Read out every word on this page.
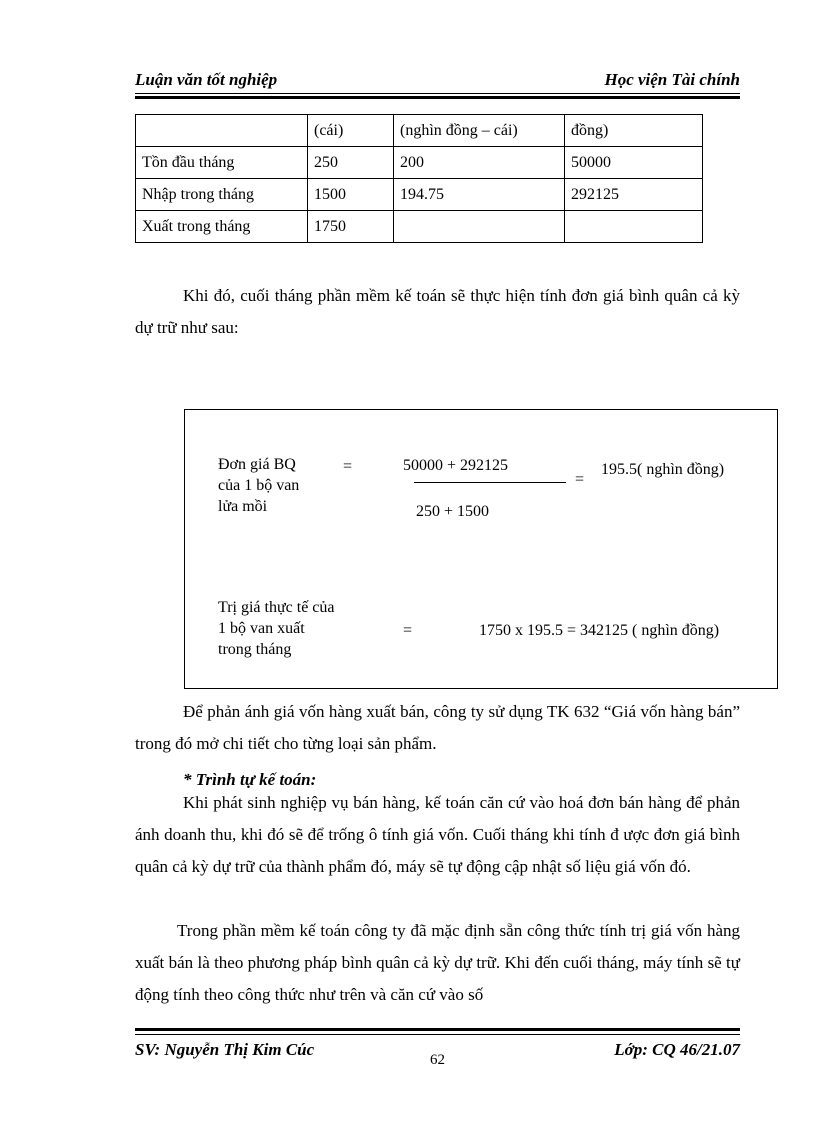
Luận văn tốt nghiệp	Học viện Tài chính
	(cái)	(nghìn đồng – cái)	đồng)
Tồn đầu tháng	250	200	50000
Nhập trong tháng	1500	194.75	292125
Xuất trong tháng	1750		
Khi đó, cuối tháng phần mềm kế toán sẽ thực hiện tính đơn giá bình quân cả kỳ dự trữ như sau:
Đơn giá BQ
của 1 bộ van
lửa mồi
=	50000 + 292125
250 + 1500
=
195.5( nghìn đồng)
Trị giá thực tế của
1 bộ van xuất
trong tháng
=	1750 x 195.5 = 342125 ( nghìn đồng)
Để phản ánh giá vốn hàng xuất bán, công ty sử dụng TK 632 “Giá vốn hàng bán” trong đó mở chi tiết cho từng loại sản phẩm.
* Trình tự kế toán:
Khi phát sinh nghiệp vụ bán hàng, kế toán căn cứ vào hoá đơn bán hàng để phản ánh doanh thu, khi đó sẽ để trống ô tính giá vốn. Cuối tháng khi tính đ ược đơn giá bình quân cả kỳ dự trữ của thành phẩm đó, máy sẽ tự động cập nhật số liệu giá vốn đó.
Trong phần mềm kế toán công ty đã mặc định sẵn công thức tính trị giá vốn hàng xuất bán là theo phương pháp bình quân cả kỳ dự trữ. Khi đến cuối tháng, máy tính sẽ tự động tính theo công thức như trên và căn cứ vào số
SV: Nguyễn Thị Kim Cúc
62
Lớp: CQ 46/21.07
